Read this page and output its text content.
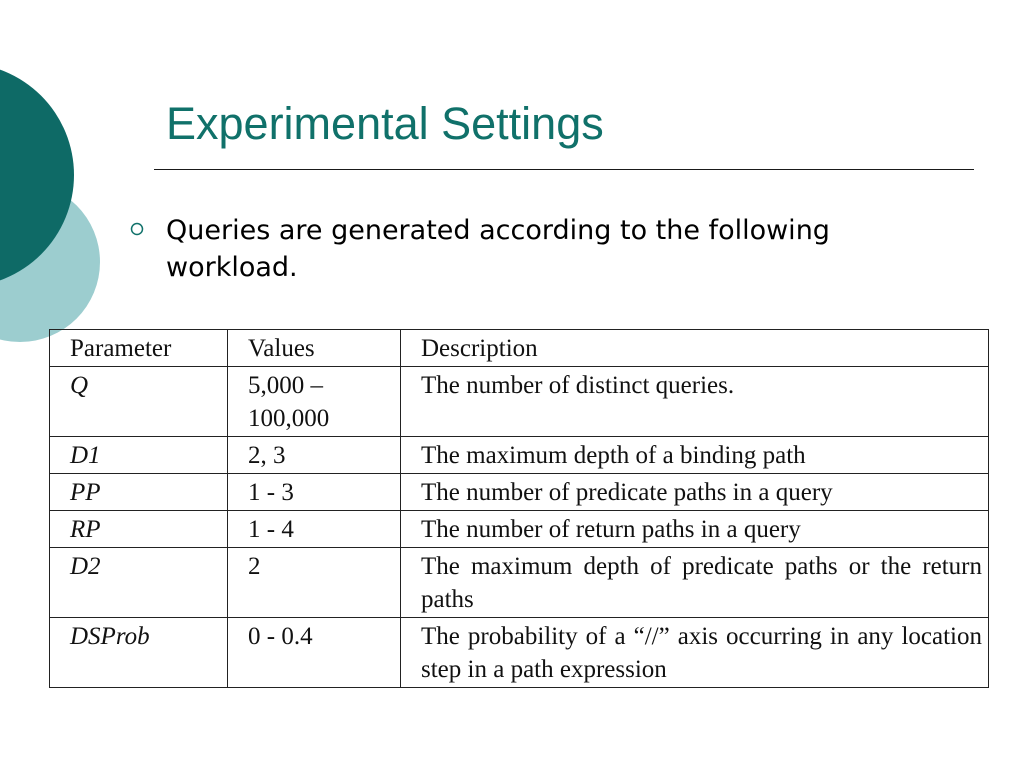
Experimental Settings
Queries are generated according to the following workload.
Parameter	Values	Description
Q	5,000 – 100,000	The number of distinct queries.
D1	2, 3	The maximum depth of a binding path
PP	1 - 3	The number of predicate paths in a query
RP	1 - 4	The number of return paths in a query
D2	2	The maximum depth of predicate paths or the return paths
DSProb	0 - 0.4	The probability of a “//” axis occurring in any location step in a path expression
